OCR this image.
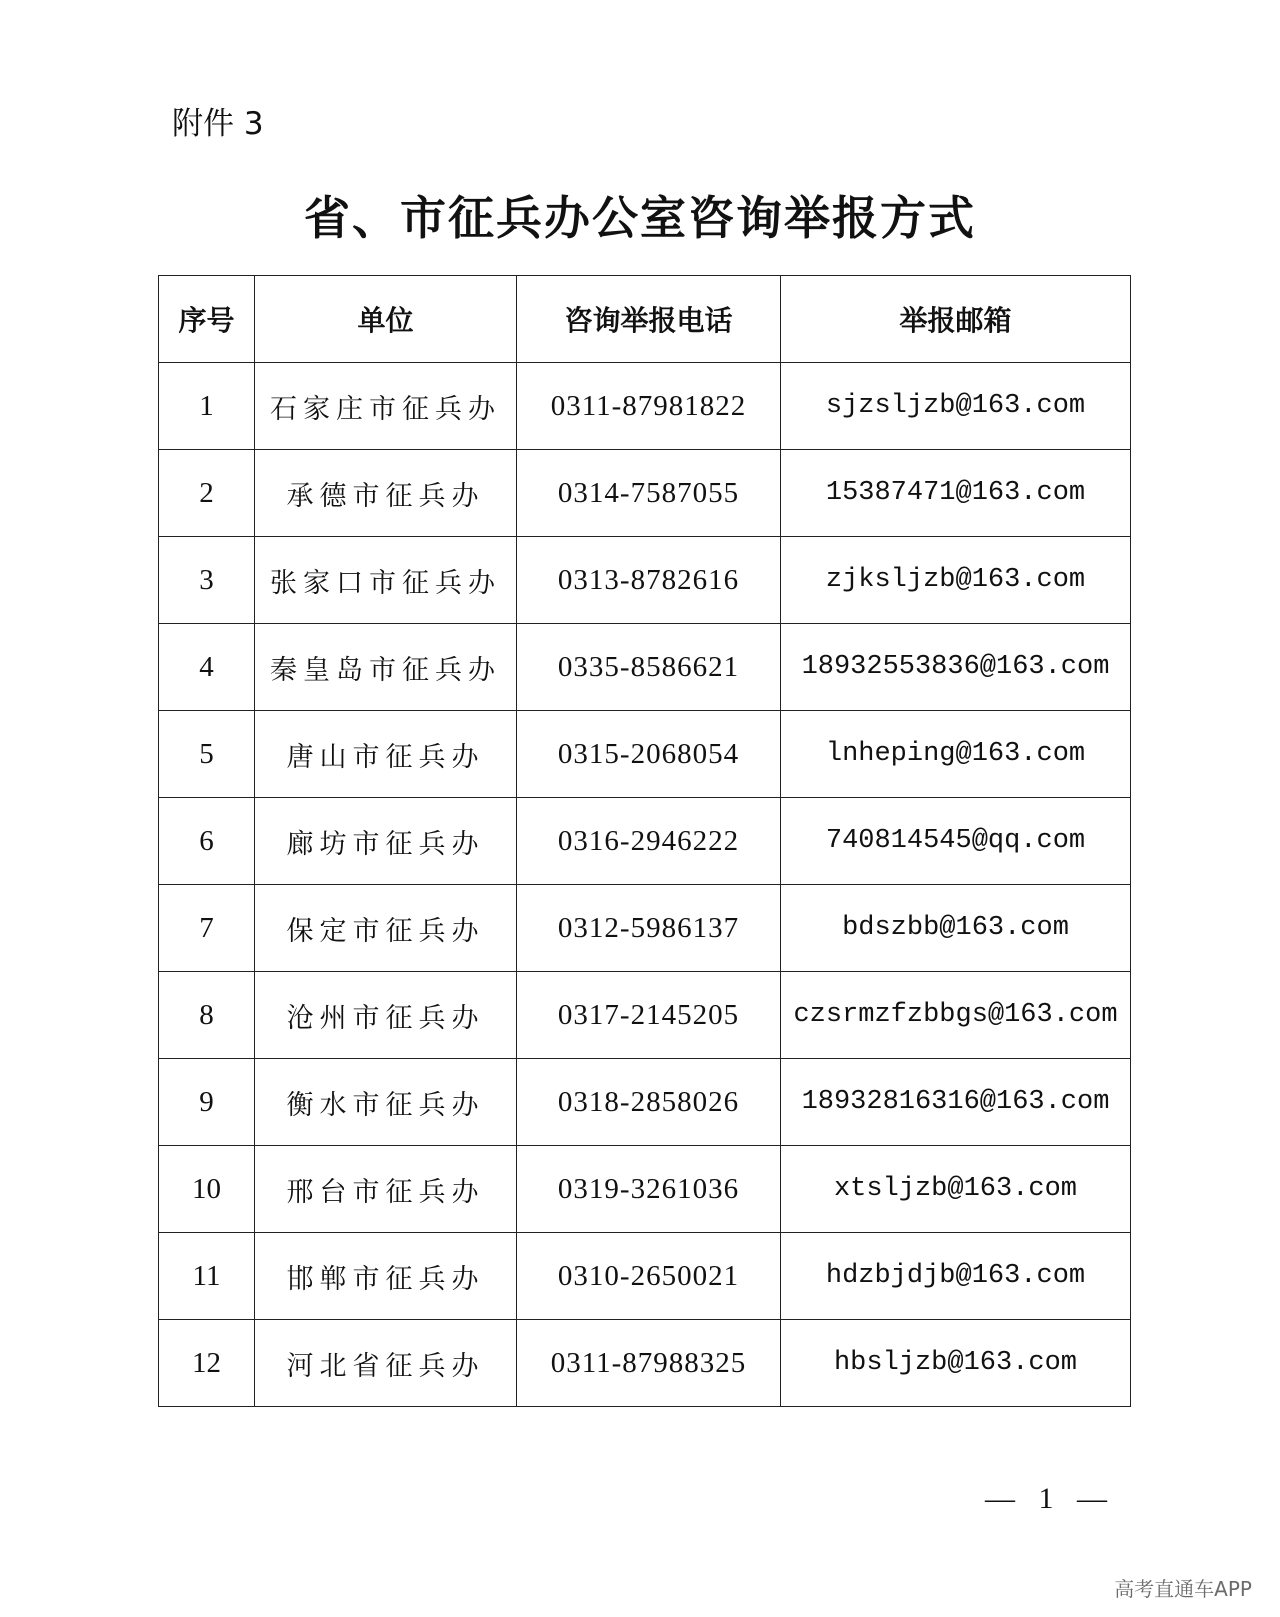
附件 3
省、市征兵办公室咨询举报方式
序号	单位	咨询举报电话	举报邮箱
1	石家庄市征兵办	0311-87981822	sjzsljzb@163.com
2	承德市征兵办	0314-7587055	15387471@163.com
3	张家口市征兵办	0313-8782616	zjksljzb@163.com
4	秦皇岛市征兵办	0335-8586621	18932553836@163.com
5	唐山市征兵办	0315-2068054	lnheping@163.com
6	廊坊市征兵办	0316-2946222	740814545@qq.com
7	保定市征兵办	0312-5986137	bdszbb@163.com
8	沧州市征兵办	0317-2145205	czsrmzfzbbgs@163.com
9	衡水市征兵办	0318-2858026	18932816316@163.com
10	邢台市征兵办	0319-3261036	xtsljzb@163.com
11	邯郸市征兵办	0310-2650021	hdzbjdjb@163.com
12	河北省征兵办	0311-87988325	hbsljzb@163.com
— 1 —
高考直通车APP
